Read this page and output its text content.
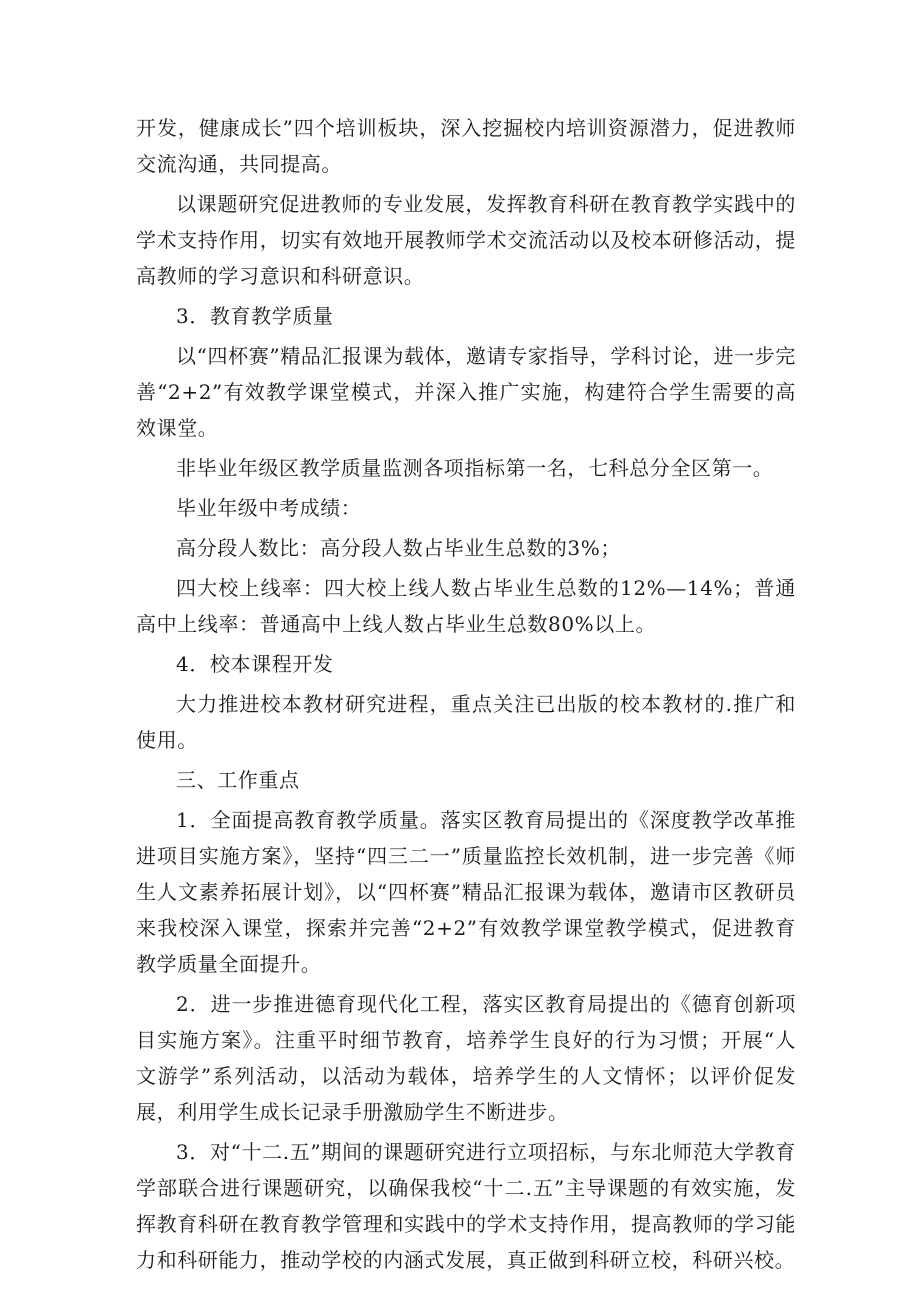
开发，健康成长”四个培训板块，深入挖掘校内培训资源潜力，促进教师交流沟通，共同提高。

以课题研究促进教师的专业发展，发挥教育科研在教育教学实践中的学术支持作用，切实有效地开展教师学术交流活动以及校本研修活动，提高教师的学习意识和科研意识。

3．教育教学质量

以“四杯赛”精品汇报课为载体，邀请专家指导，学科讨论，进一步完善“2+2”有效教学课堂模式，并深入推广实施，构建符合学生需要的高效课堂。

非毕业年级区教学质量监测各项指标第一名，七科总分全区第一。

毕业年级中考成绩：

高分段人数比：高分段人数占毕业生总数的3%；

四大校上线率：四大校上线人数占毕业生总数的12%—14%；普通高中上线率：普通高中上线人数占毕业生总数80%以上。

4．校本课程开发

大力推进校本教材研究进程，重点关注已出版的校本教材的.推广和使用。

三、工作重点

1．全面提高教育教学质量。落实区教育局提出的《深度教学改革推进项目实施方案》，坚持“四三二一”质量监控长效机制，进一步完善《师生人文素养拓展计划》，以“四杯赛”精品汇报课为载体，邀请市区教研员来我校深入课堂，探索并完善“2+2”有效教学课堂教学模式，促进教育教学质量全面提升。

2．进一步推进德育现代化工程，落实区教育局提出的《德育创新项目实施方案》。注重平时细节教育，培养学生良好的行为习惯；开展“人文游学”系列活动，以活动为载体，培养学生的人文情怀；以评价促发展，利用学生成长记录手册激励学生不断进步。

3．对“十二.五”期间的课题研究进行立项招标，与东北师范大学教育学部联合进行课题研究，以确保我校“十二.五”主导课题的有效实施，发挥教育科研在教育教学管理和实践中的学术支持作用，提高教师的学习能力和科研能力，推动学校的内涵式发展，真正做到科研立校，科研兴校。
